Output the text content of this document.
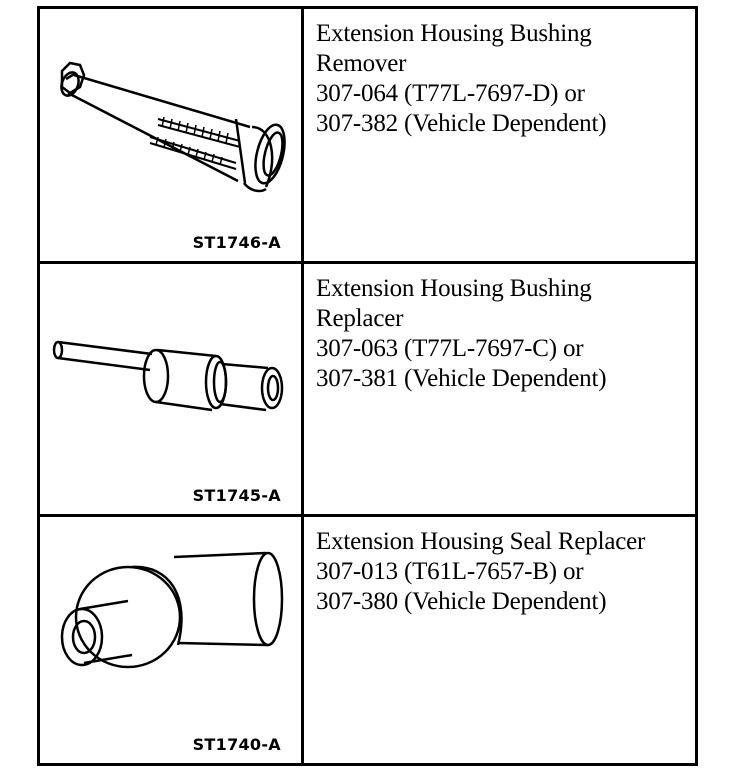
ST1746-A
Extension Housing Bushing
Remover
307-064 (T77L-7697-D) or
307-382 (Vehicle Dependent)
ST1745-A
Extension Housing Bushing
Replacer
307-063 (T77L-7697-C) or
307-381 (Vehicle Dependent)
ST1740-A
Extension Housing Seal Replacer
307-013 (T61L-7657-B) or
307-380 (Vehicle Dependent)
